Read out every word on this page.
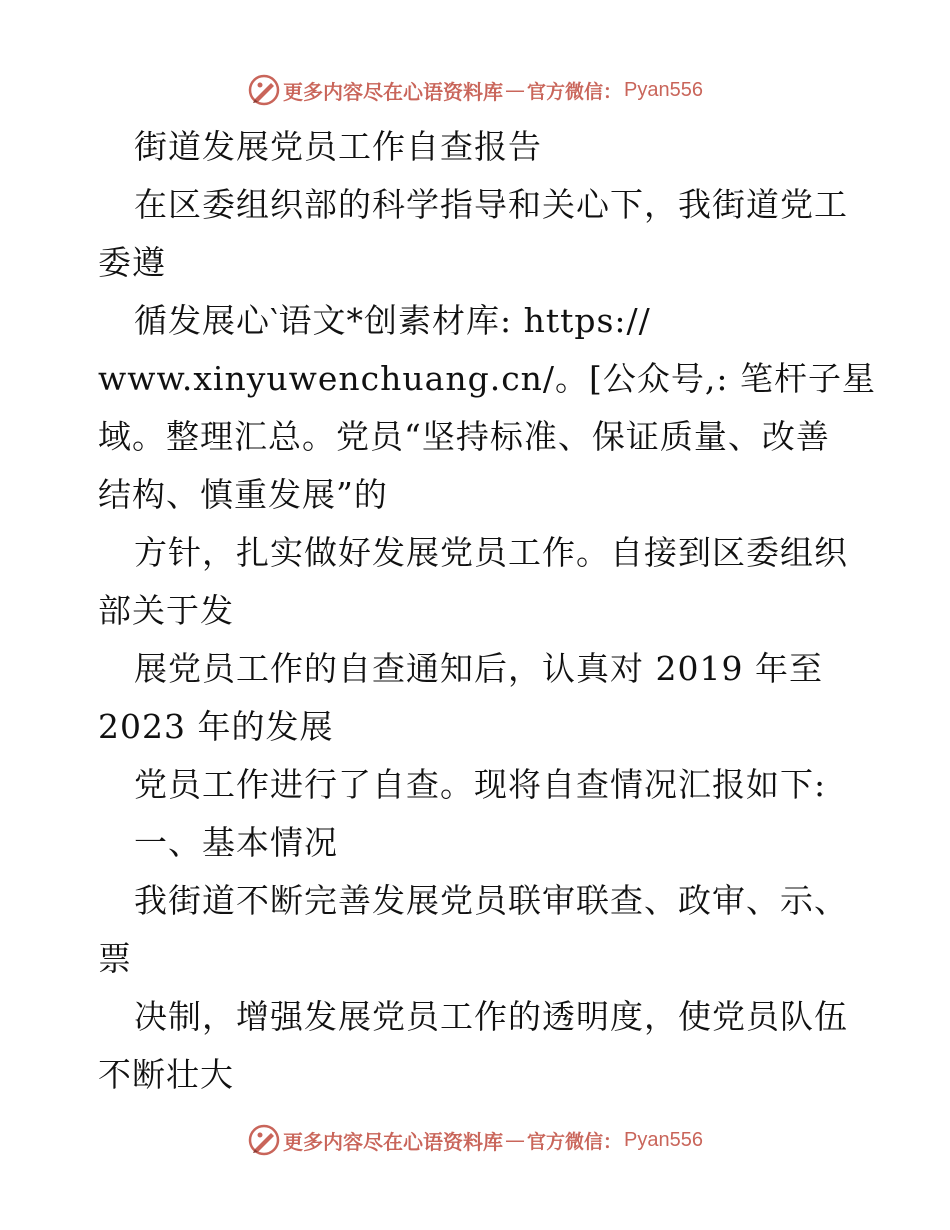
更多内容尽在心语资料库 — 官方微信： Pyan556
街道发展党员工作自查报告
在区委组织部的科学指导和关心下，我街道党工
委遵
循发展心‵语文*创素材库: https://
www.xinyuwenchuang.cn/。[公众号,: 笔杆子星
域。整理汇总。党员“坚持标准、保证质量、改善
结构、慎重发展”的
方针，扎实做好发展党员工作。自接到区委组织
部关于发
展党员工作的自查通知后，认真对 2019 年至
2023 年的发展
党员工作进行了自查。现将自查情况汇报如下:
一、基本情况
我街道不断完善发展党员联审联查、政审、示、
票
决制，增强发展党员工作的透明度，使党员队伍
不断壮大
更多内容尽在心语资料库 — 官方微信： Pyan556
